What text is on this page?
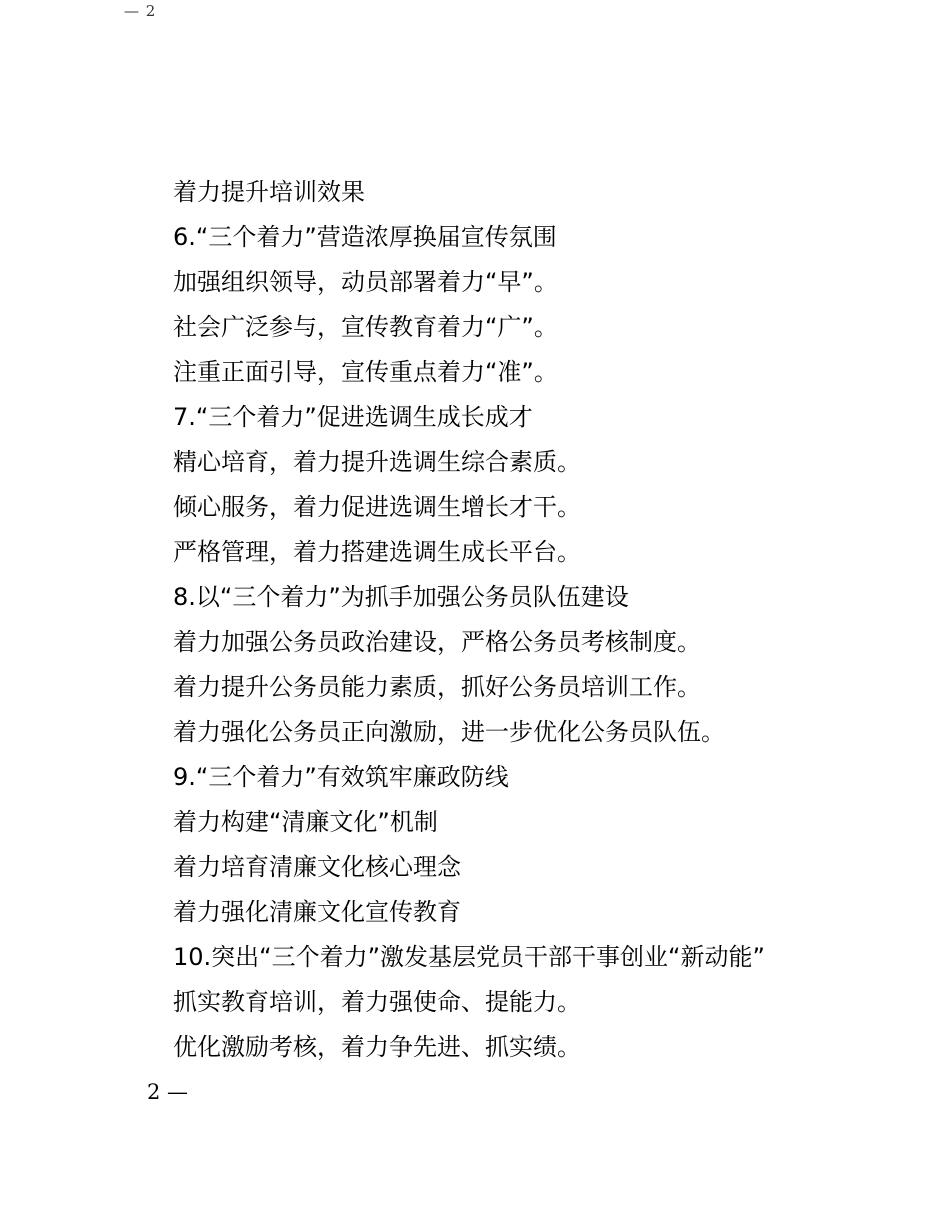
— 2
着力提升培训效果
6.“三个着力”营造浓厚换届宣传氛围
加强组织领导，动员部署着力“早”。
社会广泛参与，宣传教育着力“广”。
注重正面引导，宣传重点着力“准”。
7.“三个着力”促进选调生成长成才
精心培育，着力提升选调生综合素质。
倾心服务，着力促进选调生增长才干。
严格管理，着力搭建选调生成长平台。
8.以“三个着力”为抓手加强公务员队伍建设
着力加强公务员政治建设，严格公务员考核制度。
着力提升公务员能力素质，抓好公务员培训工作。
着力强化公务员正向激励，进一步优化公务员队伍。
9.“三个着力”有效筑牢廉政防线
着力构建“清廉文化”机制
着力培育清廉文化核心理念
着力强化清廉文化宣传教育
10.突出“三个着力”激发基层党员干部干事创业“新动能”
抓实教育培训，着力强使命、提能力。
优化激励考核，着力争先进、抓实绩。
2 —
